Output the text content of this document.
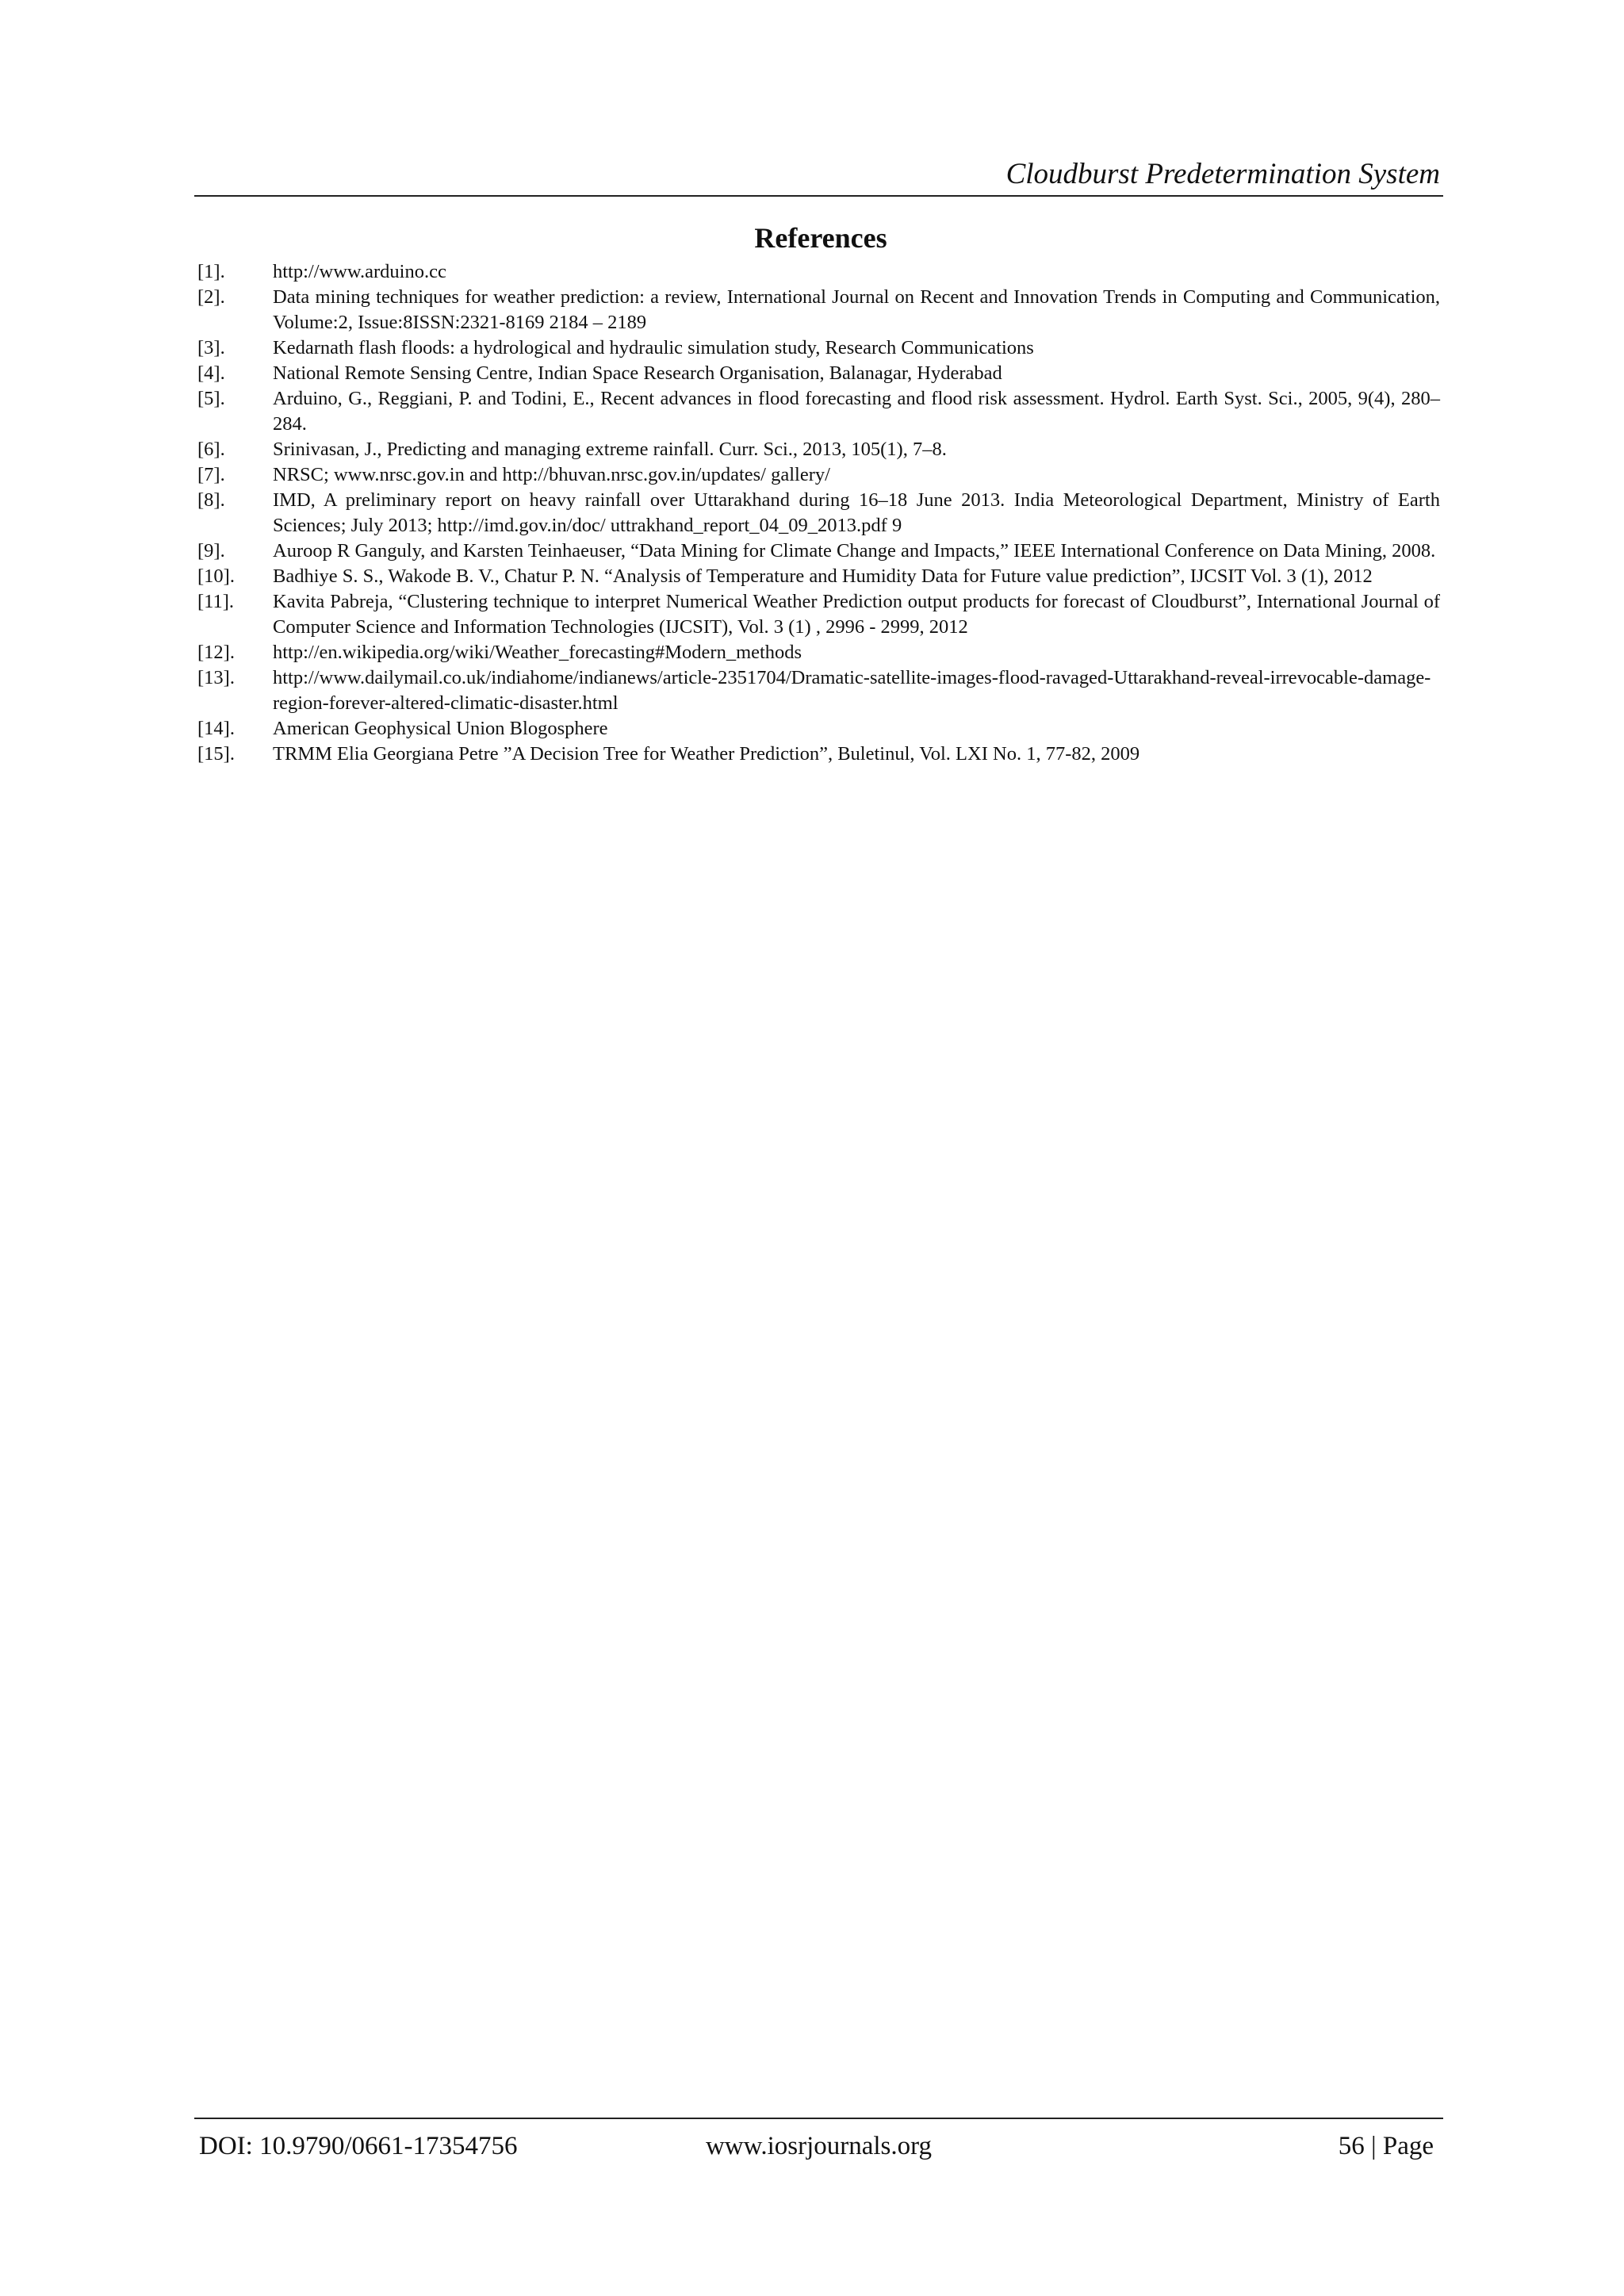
Cloudburst Predetermination System
References
[1].	http://www.arduino.cc
[2].	Data mining techniques for weather prediction: a review, International Journal on Recent and Innovation Trends in Computing and Communication, Volume:2, Issue:8ISSN:2321-8169 2184 – 2189
[3].	Kedarnath flash floods: a hydrological and hydraulic simulation study, Research Communications
[4].	National Remote Sensing Centre, Indian Space Research Organisation, Balanagar, Hyderabad
[5].	Arduino, G., Reggiani, P. and Todini, E., Recent advances in flood forecasting and flood risk assessment. Hydrol. Earth Syst. Sci., 2005, 9(4), 280–284.
[6].	Srinivasan, J., Predicting and managing extreme rainfall. Curr. Sci., 2013, 105(1), 7–8.
[7].	NRSC; www.nrsc.gov.in and http://bhuvan.nrsc.gov.in/updates/ gallery/
[8].	IMD, A preliminary report on heavy rainfall over Uttarakhand during 16–18 June 2013. India Meteorological Department, Ministry of Earth Sciences; July 2013; http://imd.gov.in/doc/ uttrakhand_report_04_09_2013.pdf 9
[9].	Auroop R Ganguly, and Karsten Teinhaeuser, “Data Mining for Climate Change and Impacts,” IEEE International Conference on Data Mining, 2008.
[10].	Badhiye S. S., Wakode B. V., Chatur P. N. “Analysis of Temperature and Humidity Data for Future value prediction”, IJCSIT Vol. 3 (1), 2012
[11].	Kavita Pabreja, “Clustering technique to interpret Numerical Weather Prediction output products for forecast of Cloudburst”, International Journal of Computer Science and Information Technologies (IJCSIT), Vol. 3 (1) , 2996 - 2999, 2012
[12].	http://en.wikipedia.org/wiki/Weather_forecasting#Modern_methods
[13].	http://www.dailymail.co.uk/indiahome/indianews/article-2351704/Dramatic-satellite-images-flood-ravaged-Uttarakhand-reveal-irrevocable-damage-region-forever-altered-climatic-disaster.html
[14].	American Geophysical Union Blogosphere
[15].	TRMM Elia Georgiana Petre ”A Decision Tree for Weather Prediction”, Buletinul, Vol. LXI No. 1, 77-82, 2009
DOI: 10.9790/0661-17354756	www.iosrjournals.org	56 | Page
